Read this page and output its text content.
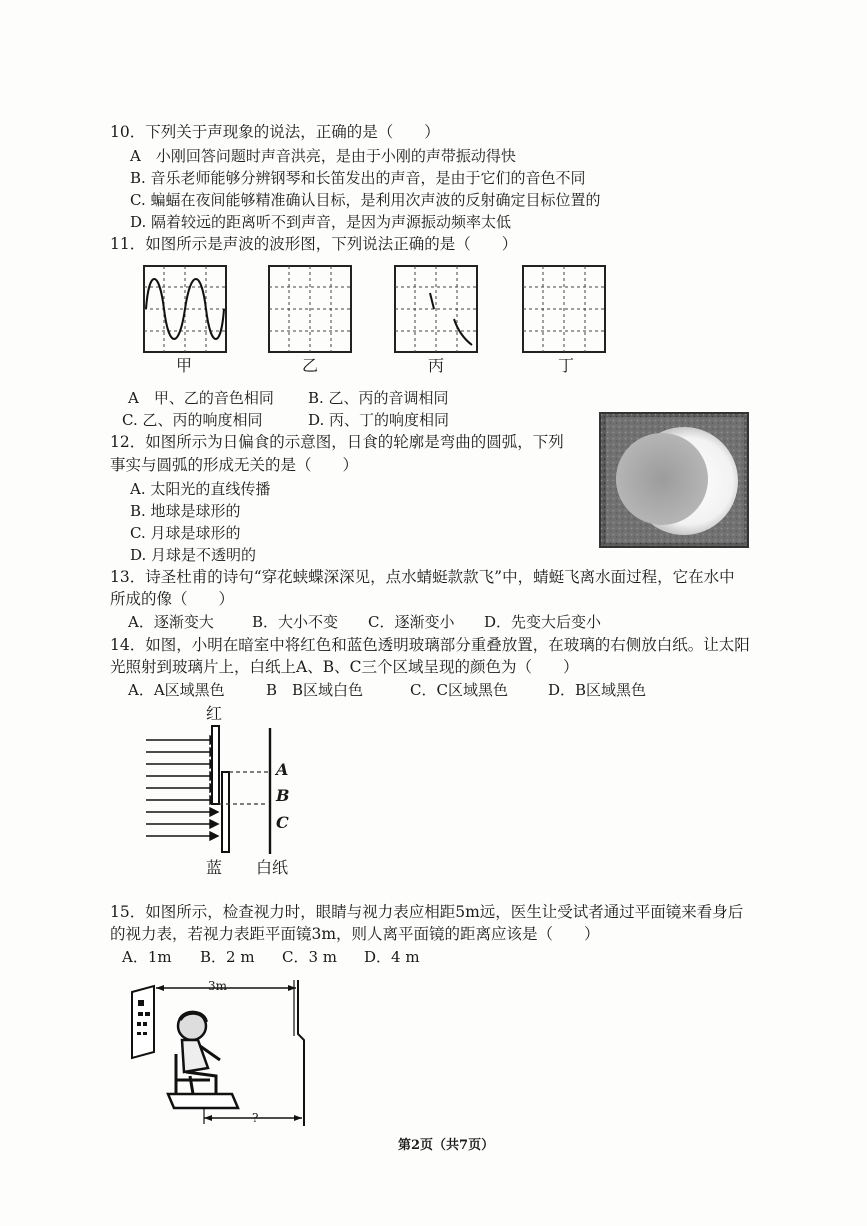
10．下列关于声现象的说法，正确的是（　　）
A　小刚回答问题时声音洪亮，是由于小刚的声带振动得快
B. 音乐老师能够分辨钢琴和长笛发出的声音，是由于它们的音色不同
C. 蝙蝠在夜间能够精准确认目标，是利用次声波的反射确定目标位置的
D. 隔着较远的距离听不到声音，是因为声源振动频率太低
11．如图所示是声波的波形图，下列说法正确的是（　　）
甲	乙	丙	丁
A　甲、乙的音色相同 B. 乙、丙的音调相同
C. 乙、丙的响度相同	D. 丙、丁的响度相同
12．如图所示为日偏食的示意图，日食的轮廓是弯曲的圆弧，下列
事实与圆弧的形成无关的是（　　）
A. 太阳光的直线传播
B. 地球是球形的
C. 月球是球形的
D. 月球是不透明的
13．诗圣杜甫的诗句“穿花蛱蝶深深见，点水蜻蜓款款飞”中，蜻蜓飞离水面过程，它在水中
所成的像（　　）
A．逐渐变大	B．大小不变 C．逐渐变小 D．先变大后变小
14．如图，小明在暗室中将红色和蓝色透明玻璃部分重叠放置，在玻璃的右侧放白纸。让太阳
光照射到玻璃片上，白纸上A、B、C三个区域呈现的颜色为（　　）
A．A区域黑色	B　B区域白色	C．C区域黑色	D．B区域黑色
红
A
B
C
蓝 白纸
15．如图所示，检查视力时，眼睛与视力表应相距5m远，医生让受试者通过平面镜来看身后
的视力表，若视力表距平面镜3m，则人离平面镜的距离应该是（　　）
A．1m B．2 m C．3 m D．4 m
3m
?
第2页（共7页）
